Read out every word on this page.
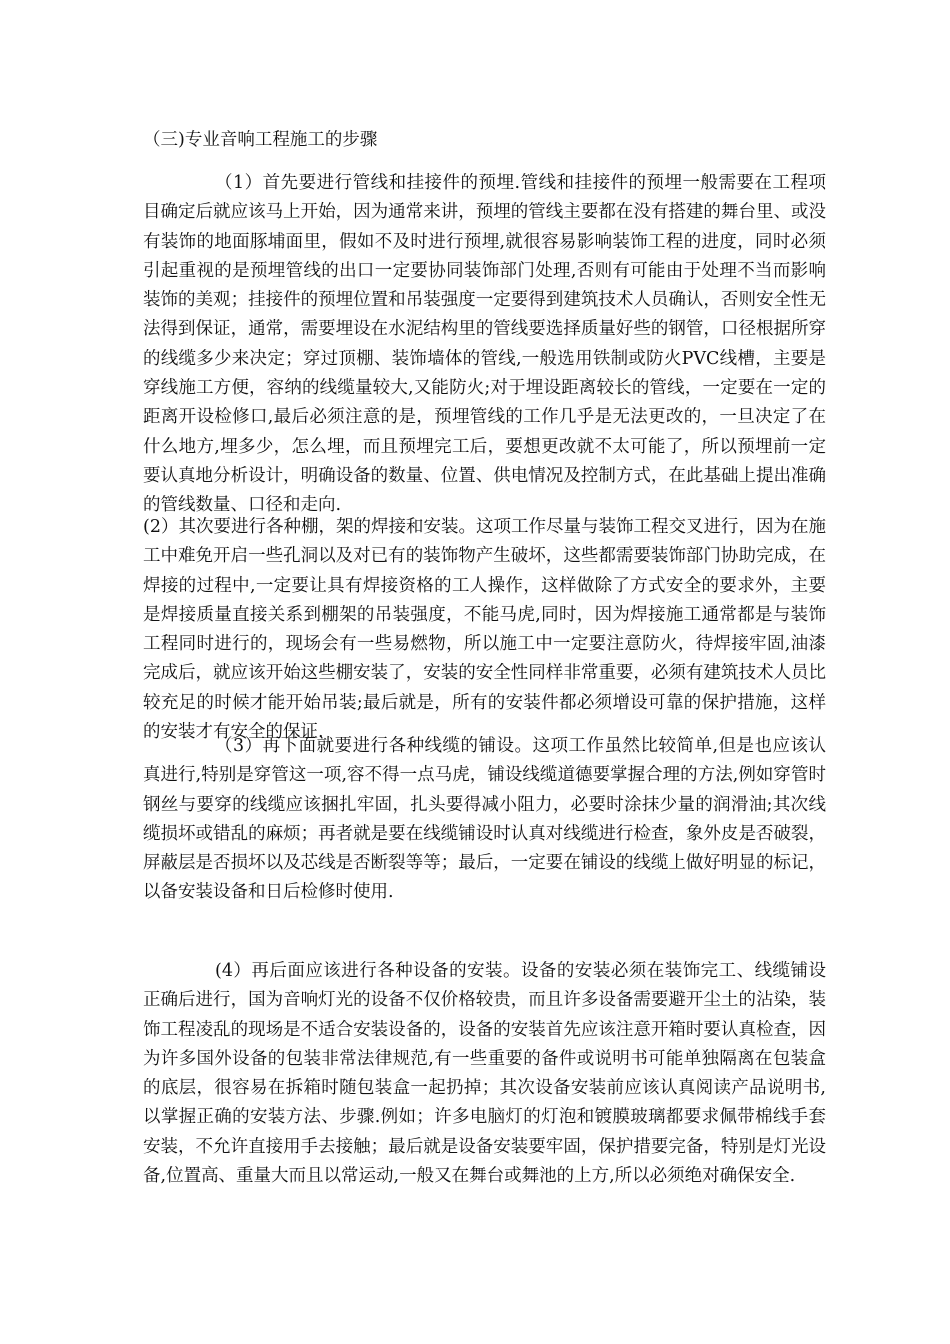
（三)专业音响工程施工的步骤

（1）首先要进行管线和挂接件的预埋.管线和挂接件的预埋一般需要在工程项目确定后就应该马上开始，因为通常来讲，预埋的管线主要都在没有搭建的舞台里、或没有装饰的地面豚埔面里，假如不及时进行预埋,就很容易影响装饰工程的进度，同时必须引起重视的是预埋管线的出口一定要协同装饰部门处理,否则有可能由于处理不当而影响装饰的美观；挂接件的预埋位置和吊装强度一定要得到建筑技术人员确认，否则安全性无法得到保证，通常，需要埋设在水泥结构里的管线要选择质量好些的钢管，口径根据所穿的线缆多少来决定；穿过顶棚、装饰墙体的管线,一般选用铁制或防火PVC线槽，主要是穿线施工方便，容纳的线缆量较大,又能防火;对于埋设距离较长的管线，一定要在一定的距离开设检修口,最后必须注意的是，预埋管线的工作几乎是无法更改的，一旦决定了在什么地方,埋多少，怎么埋，而且预埋完工后，要想更改就不太可能了，所以预埋前一定要认真地分析设计，明确设备的数量、位置、供电情况及控制方式，在此基础上提出准确的管线数量、口径和走向.

(2）其次要进行各种棚，架的焊接和安装。这项工作尽量与装饰工程交叉进行，因为在施工中难免开启一些孔洞以及对已有的装饰物产生破坏，这些都需要装饰部门协助完成，在焊接的过程中,一定要让具有焊接资格的工人操作，这样做除了方式安全的要求外，主要是焊接质量直接关系到棚架的吊装强度，不能马虎,同时，因为焊接施工通常都是与装饰工程同时进行的，现场会有一些易燃物，所以施工中一定要注意防火，待焊接牢固,油漆完成后，就应该开始这些棚安装了，安装的安全性同样非常重要，必须有建筑技术人员比较充足的时候才能开始吊装;最后就是，所有的安装件都必须增设可靠的保护措施，这样的安装才有安全的保证.

（3）再下面就要进行各种线缆的铺设。这项工作虽然比较简单,但是也应该认真进行,特别是穿管这一项,容不得一点马虎，铺设线缆道德要掌握合理的方法,例如穿管时钢丝与要穿的线缆应该捆扎牢固，扎头要得减小阻力，必要时涂抹少量的润滑油;其次线缆损坏或错乱的麻烦；再者就是要在线缆铺设时认真对线缆进行检查，象外皮是否破裂，屏蔽层是否损坏以及芯线是否断裂等等；最后，一定要在铺设的线缆上做好明显的标记，以备安装设备和日后检修时使用.

(4）再后面应该进行各种设备的安装。设备的安装必须在装饰完工、线缆铺设正确后进行，国为音响灯光的设备不仅价格较贵，而且许多设备需要避开尘土的沾染，装饰工程凌乱的现场是不适合安装设备的，设备的安装首先应该注意开箱时要认真检查，因为许多国外设备的包装非常法律规范,有一些重要的备件或说明书可能单独隔离在包装盒的底层，很容易在拆箱时随包装盒一起扔掉；其次设备安装前应该认真阅读产品说明书,以掌握正确的安装方法、步骤.例如；许多电脑灯的灯泡和镀膜玻璃都要求佩带棉线手套安装，不允许直接用手去接触；最后就是设备安装要牢固，保护措要完备，特别是灯光设备,位置高、重量大而且以常运动,一般又在舞台或舞池的上方,所以必须绝对确保安全.
